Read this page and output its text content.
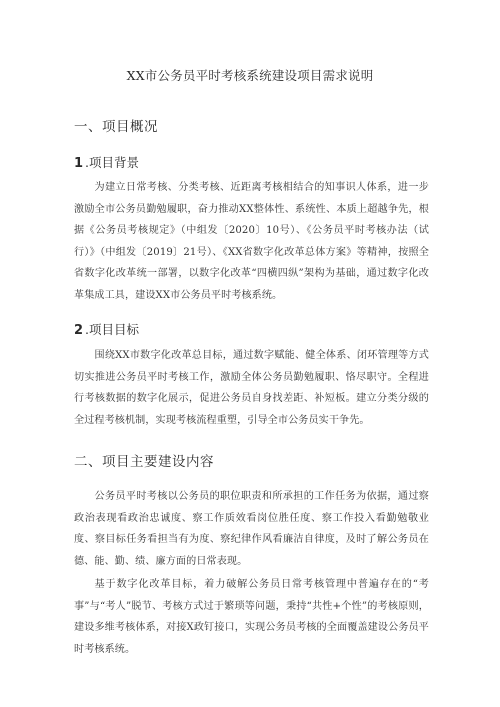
XX市公务员平时考核系统建设项目需求说明
一、项目概况
1 .项目背景
为建立日常考核、分类考核、近距离考核相结合的知事识人体系，进一步激励全市公务员勤勉履职，奋力推动XX整体性、系统性、本质上超越争先，根据《公务员考核规定》（中组发〔2020〕10号）、《公务员平时考核办法（试行）》（中组发〔2019〕21号）、《XX省数字化改革总体方案》等精神，按照全省数字化改革统一部署，以数字化改革“四横四纵”架构为基础，通过数字化改革集成工具，建设XX市公务员平时考核系统。
2 .项目目标
围绕XX市数字化改革总目标，通过数字赋能、健全体系、闭环管理等方式切实推进公务员平时考核工作，激励全体公务员勤勉履职、恪尽职守。全程进行考核数据的数字化展示，促进公务员自身找差距、补短板。建立分类分级的全过程考核机制，实现考核流程重塑，引导全市公务员实干争先。
二、项目主要建设内容
公务员平时考核以公务员的职位职责和所承担的工作任务为依据，通过察政治表现看政治忠诚度、察工作质效看岗位胜任度、察工作投入看勤勉敬业度、察目标任务看担当有为度、察纪律作风看廉洁自律度，及时了解公务员在德、能、勤、绩、廉方面的日常表现。
基于数字化改革目标，着力破解公务员日常考核管理中普遍存在的“考事”与“考人”脱节、考核方式过于繁琐等问题，秉持“共性+个性”的考核原则，建设多维考核体系，对接X政钉接口，实现公务员考核的全面覆盖建设公务员平时考核系统。
